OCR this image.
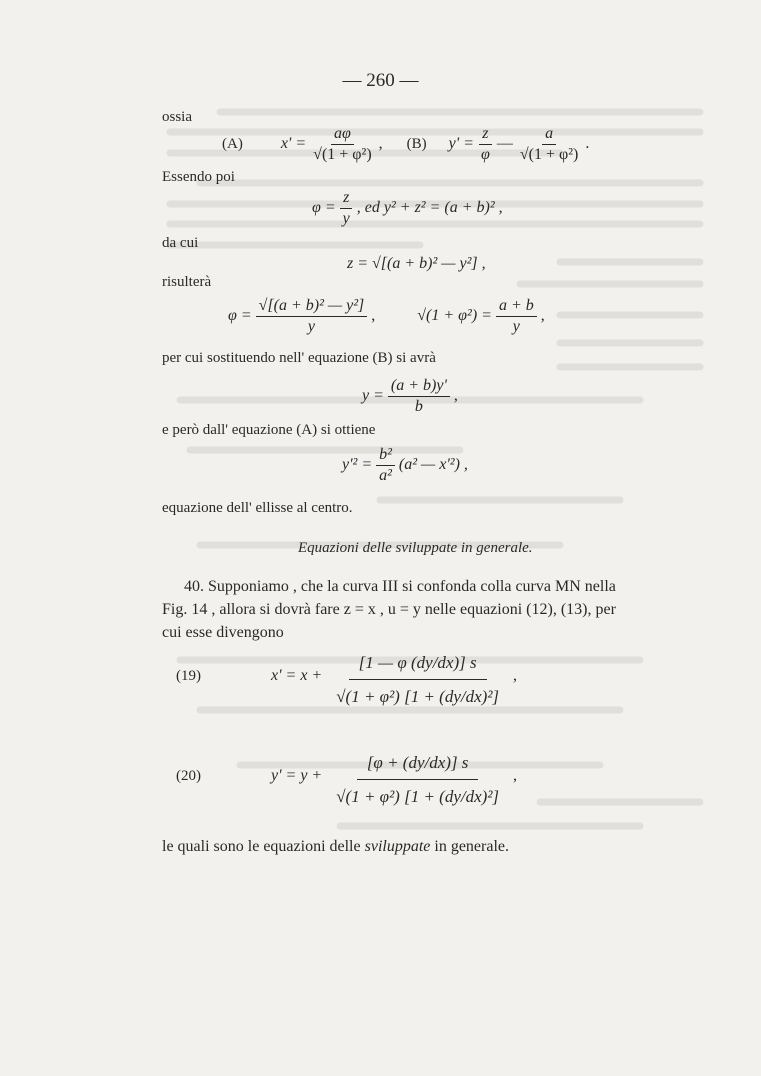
— 260 —
ossia
(A) $x' = \frac{a\varphi}{\text{√(1 + φ²)}}$ , (B) $y' = \frac{z}{\varphi}$ — $\frac{a}{\text{√(1 + φ²)}}$ .
Essendo poi
$\varphi = \frac{z}{y}$ , ed y² + z² = (a + b)² ,
da cui
z = √[(a + b)² — y²] ,
risulterà
$\varphi = \frac{\text{√[(a + b)² — y²]}}{y}$ ,	$√(1 + \varphi^2) = \frac{a + b}{y}$ ,
per cui sostituendo nell' equazione (B) si avrà
$y = \frac{(a + b)y'}{b}$ ,
e però dall' equazione (A) si ottiene
$y'^2 = \frac{\text{b²}}{\text{a²}} (a^2$ — x'²) ,
equazione dell' ellisse al centro.
Equazioni delle sviluppate in generale.
40. Supponiamo , che la curva III si confonda colla curva MN nella
Fig. 14 , allora si dovrà fare z = x , u = y nelle equazioni (12), (13), per
cui esse divengono
(19)	$x' = x + \frac{[1 — \varphi (dy/dx)] s}{\text{√(1 + φ²) [1 + (dy/dx)²]}}$ ,
(20)	$y' = y + \frac{[\varphi + (dy/dx)] s}{\text{√(1 + φ²) [1 + (dy/dx)²]}}$ ,
le quali sono le equazioni delle sviluppate in generale.
